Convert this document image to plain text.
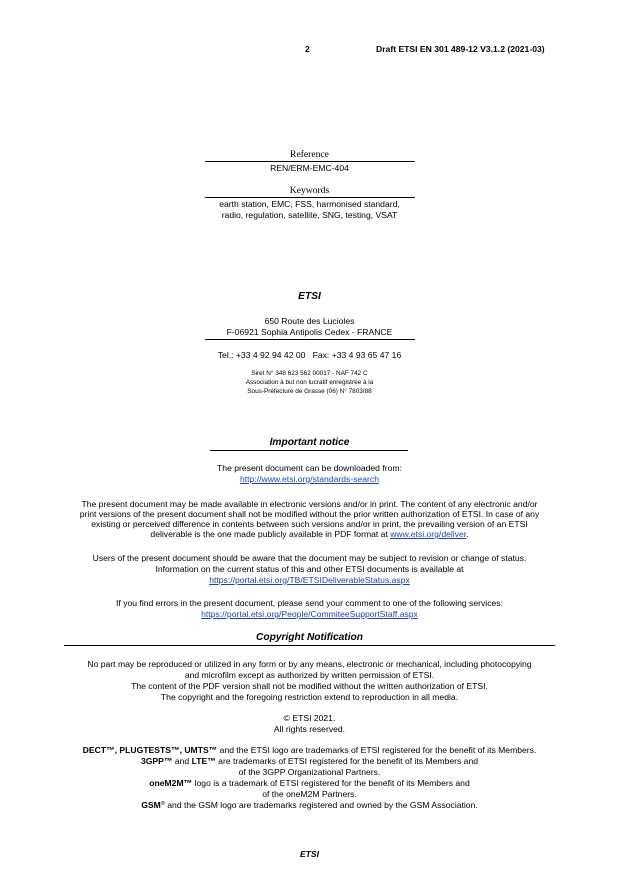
2	Draft ETSI EN 301 489-12 V3.1.2 (2021-03)
Reference
REN/ERM-EMC-404
Keywords
earth station, EMC, FSS, harmonised standard,
radio, regulation, satellite, SNG, testing, VSAT
ETSI
650 Route des Lucioles
F-06921 Sophia Antipolis Cedex - FRANCE
Tel.: +33 4 92 94 42 00   Fax: +33 4 93 65 47 16
Siret N° 348 623 562 00017 - NAF 742 C
Association à but non lucratif enregistrée à la
Sous-Préfecture de Grasse (06) N° 7803/88
Important notice
The present document can be downloaded from:
http://www.etsi.org/standards-search
The present document may be made available in electronic versions and/or in print. The content of any electronic and/or
print versions of the present document shall not be modified without the prior written authorization of ETSI. In case of any
existing or perceived difference in contents between such versions and/or in print, the prevailing version of an ETSI
deliverable is the one made publicly available in PDF format at www.etsi.org/deliver.
Users of the present document should be aware that the document may be subject to revision or change of status.
Information on the current status of this and other ETSI documents is available at
https://portal.etsi.org/TB/ETSIDeliverableStatus.aspx
If you find errors in the present document, please send your comment to one of the following services:
https://portal.etsi.org/People/CommiteeSupportStaff.aspx
Copyright Notification
No part may be reproduced or utilized in any form or by any means, electronic or mechanical, including photocopying
and microfilm except as authorized by written permission of ETSI.
The content of the PDF version shall not be modified without the written authorization of ETSI.
The copyright and the foregoing restriction extend to reproduction in all media.
© ETSI 2021.
All rights reserved.
DECT™, PLUGTESTS™, UMTS™ and the ETSI logo are trademarks of ETSI registered for the benefit of its Members.
3GPP™ and LTE™ are trademarks of ETSI registered for the benefit of its Members and
of the 3GPP Organizational Partners.
oneM2M™ logo is a trademark of ETSI registered for the benefit of its Members and
of the oneM2M Partners.
GSM® and the GSM logo are trademarks registered and owned by the GSM Association.
ETSI
